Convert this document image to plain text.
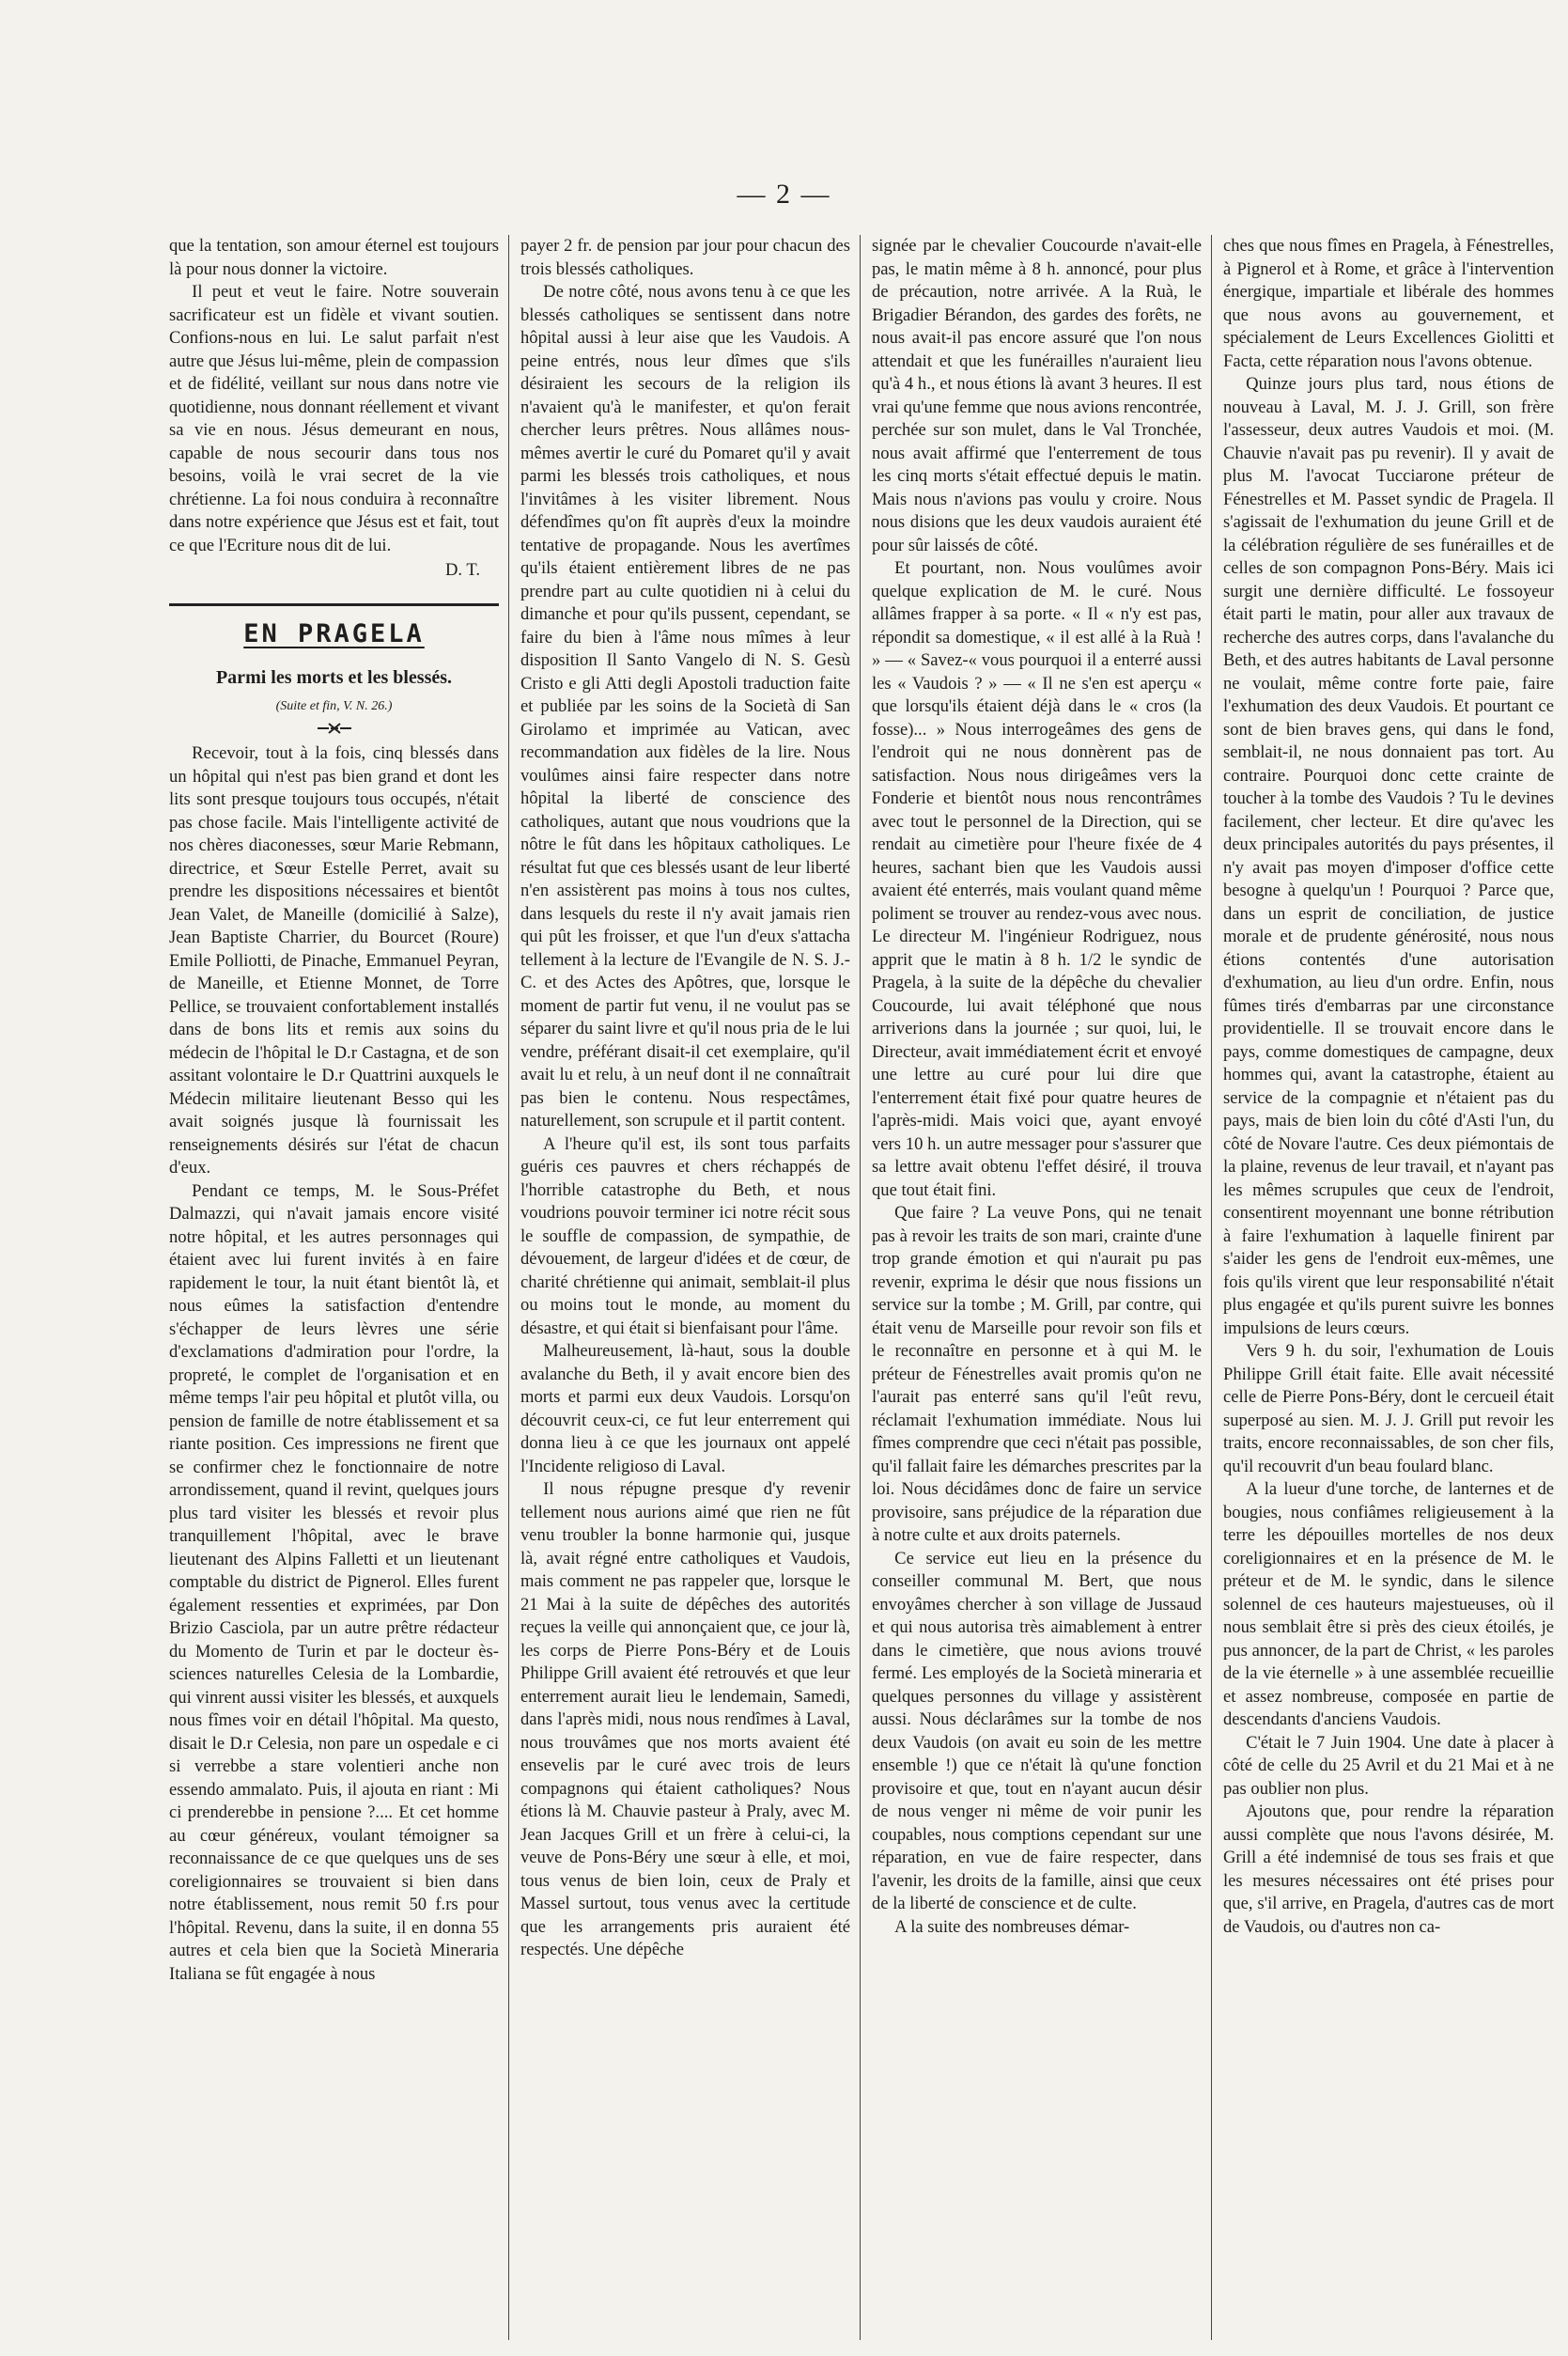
— 2 —

que la tentation, son amour éternel est toujours là pour nous donner la victoire.

Il peut et veut le faire. Notre souverain sacrificateur est un fidèle et vivant soutien. Confions-nous en lui. Le salut parfait n'est autre que Jésus lui-même, plein de compassion et de fidélité, veillant sur nous dans notre vie quotidienne, nous donnant réellement et vivant sa vie en nous. Jésus demeurant en nous, capable de nous secourir dans tous nos besoins, voilà le vrai secret de la vie chrétienne. La foi nous conduira à reconnaître dans notre expérience que Jésus est et fait, tout ce que l'Ecriture nous dit de lui.

D. T.
EN PRAGELA
Parmi les morts et les blessés.
(Suite et fin, V. N. 26.)

Recevoir, tout à la fois, cinq blessés dans un hôpital qui n'est pas bien grand et dont les lits sont presque toujours tous occupés, n'était pas chose facile. Mais l'intelligente activité de nos chères diaconesses, sœur Marie Rebmann, directrice, et Sœur Estelle Perret, avait su prendre les dispositions nécessaires et bientôt Jean Valet, de Maneille (domicilié à Salze), Jean Baptiste Charrier, du Bourcet (Roure) Emile Polliotti, de Pinache, Emmanuel Peyran, de Maneille, et Etienne Monnet, de Torre Pellice, se trouvaient confortablement installés dans de bons lits et remis aux soins du médecin de l'hôpital le D.r Castagna, et de son assitant volontaire le D.r Quattrini auxquels le Médecin militaire lieutenant Besso qui les avait soignés jusque là fournissait les renseignements désirés sur l'état de chacun d'eux.

Pendant ce temps, M. le Sous-Préfet Dalmazzi, qui n'avait jamais encore visité notre hôpital, et les autres personnages qui étaient avec lui furent invités à en faire rapidement le tour, la nuit étant bientôt là, et nous eûmes la satisfaction d'entendre s'échapper de leurs lèvres une série d'exclamations d'admiration pour l'ordre, la propreté, le complet de l'organisation et en même temps l'air peu hôpital et plutôt villa, ou pension de famille de notre établissement et sa riante position. Ces impressions ne firent que se confirmer chez le fonctionnaire de notre arrondissement, quand il revint, quelques jours plus tard visiter les blessés et revoir plus tranquillement l'hôpital, avec le brave lieutenant des Alpins Falletti et un lieutenant comptable du district de Pignerol. Elles furent également ressenties et exprimées, par Don Brizio Casciola, par un autre prêtre rédacteur du Momento de Turin et par le docteur ès-sciences naturelles Celesia de la Lombardie, qui vinrent aussi visiter les blessés, et auxquels nous fîmes voir en détail l'hôpital. Ma questo, disait le D.r Celesia, non pare un ospedale e ci si verrebbe a stare volentieri anche non essendo ammalato. Puis, il ajouta en riant : Mi ci prenderebbe in pensione ?.... Et cet homme au cœur généreux, voulant témoigner sa reconnaissance de ce que quelques uns de ses coreligionnaires se trouvaient si bien dans notre établissement, nous remit 50 f.rs pour l'hôpital. Revenu, dans la suite, il en donna 55 autres et cela bien que la Società Mineraria Italiana se fût engagée à nous

payer 2 fr. de pension par jour pour chacun des trois blessés catholiques.

De notre côté, nous avons tenu à ce que les blessés catholiques se sentissent dans notre hôpital aussi à leur aise que les Vaudois. A peine entrés, nous leur dîmes que s'ils désiraient les secours de la religion ils n'avaient qu'à le manifester, et qu'on ferait chercher leurs prêtres. Nous allâmes nous-mêmes avertir le curé du Pomaret qu'il y avait parmi les blessés trois catholiques, et nous l'invitâmes à les visiter librement. Nous défendîmes qu'on fît auprès d'eux la moindre tentative de propagande. Nous les avertîmes qu'ils étaient entièrement libres de ne pas prendre part au culte quotidien ni à celui du dimanche et pour qu'ils pussent, cependant, se faire du bien à l'âme nous mîmes à leur disposition Il Santo Vangelo di N. S. Gesù Cristo e gli Atti degli Apostoli traduction faite et publiée par les soins de la Società di San Girolamo et imprimée au Vatican, avec recommandation aux fidèles de la lire. Nous voulûmes ainsi faire respecter dans notre hôpital la liberté de conscience des catholiques, autant que nous voudrions que la nôtre le fût dans les hôpitaux catholiques. Le résultat fut que ces blessés usant de leur liberté n'en assistèrent pas moins à tous nos cultes, dans lesquels du reste il n'y avait jamais rien qui pût les froisser, et que l'un d'eux s'attacha tellement à la lecture de l'Evangile de N. S. J.-C. et des Actes des Apôtres, que, lorsque le moment de partir fut venu, il ne voulut pas se séparer du saint livre et qu'il nous pria de le lui vendre, préférant disait-il cet exemplaire, qu'il avait lu et relu, à un neuf dont il ne connaîtrait pas bien le contenu. Nous respectâmes, naturellement, son scrupule et il partit content.

A l'heure qu'il est, ils sont tous parfaits guéris ces pauvres et chers réchappés de l'horrible catastrophe du Beth, et nous voudrions pouvoir terminer ici notre récit sous le souffle de compassion, de sympathie, de dévouement, de largeur d'idées et de cœur, de charité chrétienne qui animait, semblait-il plus ou moins tout le monde, au moment du désastre, et qui était si bienfaisant pour l'âme.

Malheureusement, là-haut, sous la double avalanche du Beth, il y avait encore bien des morts et parmi eux deux Vaudois. Lorsqu'on découvrit ceux-ci, ce fut leur enterrement qui donna lieu à ce que les journaux ont appelé l'Incidente religioso di Laval.

Il nous répugne presque d'y revenir tellement nous aurions aimé que rien ne fût venu troubler la bonne harmonie qui, jusque là, avait régné entre catholiques et Vaudois, mais comment ne pas rappeler que, lorsque le 21 Mai à la suite de dépêches des autorités reçues la veille qui annonçaient que, ce jour là, les corps de Pierre Pons-Béry et de Louis Philippe Grill avaient été retrouvés et que leur enterrement aurait lieu le lendemain, Samedi, dans l'après midi, nous nous rendîmes à Laval, nous trouvâmes que nos morts avaient été ensevelis par le curé avec trois de leurs compagnons qui étaient catholiques? Nous étions là M. Chauvie pasteur à Praly, avec M. Jean Jacques Grill et un frère à celui-ci, la veuve de Pons-Béry une sœur à elle, et moi, tous venus de bien loin, ceux de Praly et Massel surtout, tous venus avec la certitude que les arrangements pris auraient été respectés. Une dépêche

signée par le chevalier Coucourde n'avait-elle pas, le matin même à 8 h. annoncé, pour plus de précaution, notre arrivée. A la Ruà, le Brigadier Bérandon, des gardes des forêts, ne nous avait-il pas encore assuré que l'on nous attendait et que les funérailles n'auraient lieu qu'à 4 h., et nous étions là avant 3 heures. Il est vrai qu'une femme que nous avions rencontrée, perchée sur son mulet, dans le Val Tronchée, nous avait affirmé que l'enterrement de tous les cinq morts s'était effectué depuis le matin. Mais nous n'avions pas voulu y croire. Nous nous disions que les deux vaudois auraient été pour sûr laissés de côté.

Et pourtant, non. Nous voulûmes avoir quelque explication de M. le curé. Nous allâmes frapper à sa porte. « Il « n'y est pas, répondit sa domestique, « il est allé à la Ruà ! » — « Savez-« vous pourquoi il a enterré aussi les « Vaudois ? » — « Il ne s'en est aperçu « que lorsqu'ils étaient déjà dans le « cros (la fosse)... » Nous interrogeâmes des gens de l'endroit qui ne nous donnèrent pas de satisfaction. Nous nous dirigeâmes vers la Fonderie et bientôt nous nous rencontrâmes avec tout le personnel de la Direction, qui se rendait au cimetière pour l'heure fixée de 4 heures, sachant bien que les Vaudois aussi avaient été enterrés, mais voulant quand même poliment se trouver au rendez-vous avec nous. Le directeur M. l'ingénieur Rodriguez, nous apprit que le matin à 8 h. 1/2 le syndic de Pragela, à la suite de la dépêche du chevalier Coucourde, lui avait téléphoné que nous arriverions dans la journée ; sur quoi, lui, le Directeur, avait immédiatement écrit et envoyé une lettre au curé pour lui dire que l'enterrement était fixé pour quatre heures de l'après-midi. Mais voici que, ayant envoyé vers 10 h. un autre messager pour s'assurer que sa lettre avait obtenu l'effet désiré, il trouva que tout était fini.

Que faire ? La veuve Pons, qui ne tenait pas à revoir les traits de son mari, crainte d'une trop grande émotion et qui n'aurait pu pas revenir, exprima le désir que nous fissions un service sur la tombe ; M. Grill, par contre, qui était venu de Marseille pour revoir son fils et le reconnaître en personne et à qui M. le préteur de Fénestrelles avait promis qu'on ne l'aurait pas enterré sans qu'il l'eût revu, réclamait l'exhumation immédiate. Nous lui fîmes comprendre que ceci n'était pas possible, qu'il fallait faire les démarches prescrites par la loi. Nous décidâmes donc de faire un service provisoire, sans préjudice de la réparation due à notre culte et aux droits paternels.

Ce service eut lieu en la présence du conseiller communal M. Bert, que nous envoyâmes chercher à son village de Jussaud et qui nous autorisa très aimablement à entrer dans le cimetière, que nous avions trouvé fermé. Les employés de la Società mineraria et quelques personnes du village y assistèrent aussi. Nous déclarâmes sur la tombe de nos deux Vaudois (on avait eu soin de les mettre ensemble !) que ce n'était là qu'une fonction provisoire et que, tout en n'ayant aucun désir de nous venger ni même de voir punir les coupables, nous comptions cependant sur une réparation, en vue de faire respecter, dans l'avenir, les droits de la famille, ainsi que ceux de la liberté de conscience et de culte.

A la suite des nombreuses démar-

ches que nous fîmes en Pragela, à Fénestrelles, à Pignerol et à Rome, et grâce à l'intervention énergique, impartiale et libérale des hommes que nous avons au gouvernement, et spécialement de Leurs Excellences Giolitti et Facta, cette réparation nous l'avons obtenue.

Quinze jours plus tard, nous étions de nouveau à Laval, M. J. J. Grill, son frère l'assesseur, deux autres Vaudois et moi. (M. Chauvie n'avait pas pu revenir). Il y avait de plus M. l'avocat Tucciarone préteur de Fénestrelles et M. Passet syndic de Pragela. Il s'agissait de l'exhumation du jeune Grill et de la célébration régulière de ses funérailles et de celles de son compagnon Pons-Béry. Mais ici surgit une dernière difficulté. Le fossoyeur était parti le matin, pour aller aux travaux de recherche des autres corps, dans l'avalanche du Beth, et des autres habitants de Laval personne ne voulait, même contre forte paie, faire l'exhumation des deux Vaudois. Et pourtant ce sont de bien braves gens, qui dans le fond, semblait-il, ne nous donnaient pas tort. Au contraire. Pourquoi donc cette crainte de toucher à la tombe des Vaudois ? Tu le devines facilement, cher lecteur. Et dire qu'avec les deux principales autorités du pays présentes, il n'y avait pas moyen d'imposer d'office cette besogne à quelqu'un ! Pourquoi ? Parce que, dans un esprit de conciliation, de justice morale et de prudente générosité, nous nous étions contentés d'une autorisation d'exhumation, au lieu d'un ordre. Enfin, nous fûmes tirés d'embarras par une circonstance providentielle. Il se trouvait encore dans le pays, comme domestiques de campagne, deux hommes qui, avant la catastrophe, étaient au service de la compagnie et n'étaient pas du pays, mais de bien loin du côté d'Asti l'un, du côté de Novare l'autre. Ces deux piémontais de la plaine, revenus de leur travail, et n'ayant pas les mêmes scrupules que ceux de l'endroit, consentirent moyennant une bonne rétribution à faire l'exhumation à laquelle finirent par s'aider les gens de l'endroit eux-mêmes, une fois qu'ils virent que leur responsabilité n'était plus engagée et qu'ils purent suivre les bonnes impulsions de leurs cœurs.

Vers 9 h. du soir, l'exhumation de Louis Philippe Grill était faite. Elle avait nécessité celle de Pierre Pons-Béry, dont le cercueil était superposé au sien. M. J. J. Grill put revoir les traits, encore reconnaissables, de son cher fils, qu'il recouvrit d'un beau foulard blanc.

A la lueur d'une torche, de lanternes et de bougies, nous confiâmes religieusement à la terre les dépouilles mortelles de nos deux coreligionnaires et en la présence de M. le préteur et de M. le syndic, dans le silence solennel de ces hauteurs majestueuses, où il nous semblait être si près des cieux étoilés, je pus annoncer, de la part de Christ, « les paroles de la vie éternelle » à une assemblée recueillie et assez nombreuse, composée en partie de descendants d'anciens Vaudois.

C'était le 7 Juin 1904. Une date à placer à côté de celle du 25 Avril et du 21 Mai et à ne pas oublier non plus.

Ajoutons que, pour rendre la réparation aussi complète que nous l'avons désirée, M. Grill a été indemnisé de tous ses frais et que les mesures nécessaires ont été prises pour que, s'il arrive, en Pragela, d'autres cas de mort de Vaudois, ou d'autres non ca-
